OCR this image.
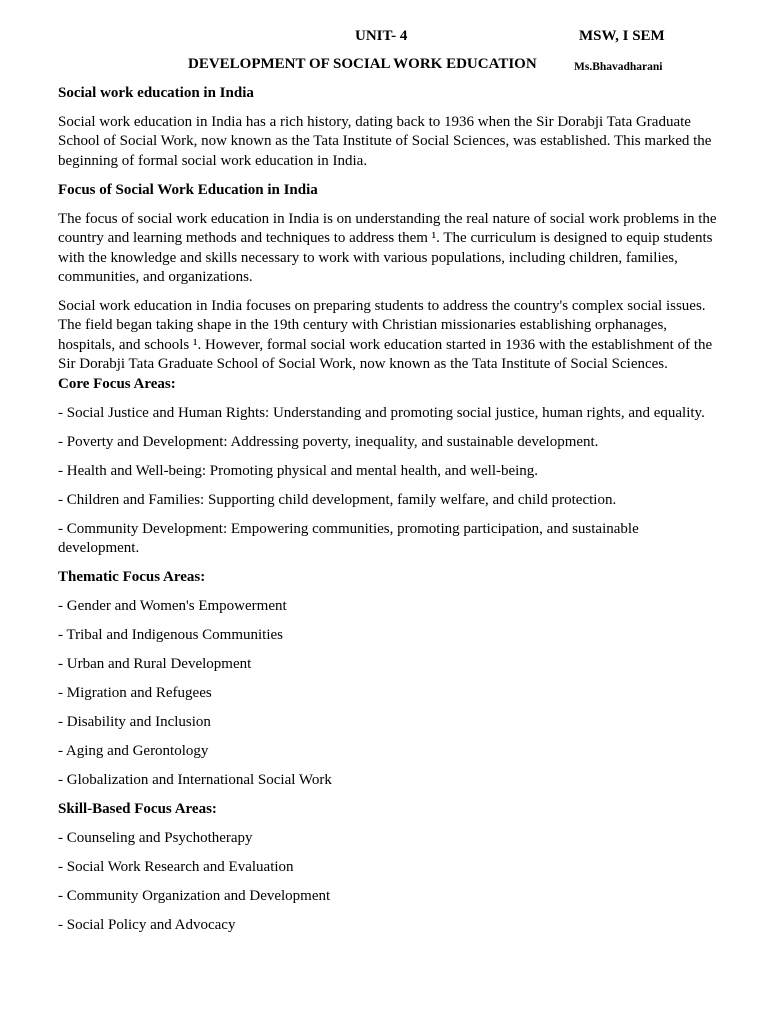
UNIT- 4	MSW, I SEM
DEVELOPMENT OF SOCIAL WORK EDUCATION	Ms.Bhavadharani
Social work education in India

Social work education in India has a rich history, dating back to 1936 when the Sir Dorabji Tata Graduate School of Social Work, now known as the Tata Institute of Social Sciences, was established. This marked the beginning of formal social work education in India.

Focus of Social Work Education in India

The focus of social work education in India is on understanding the real nature of social work problems in the country and learning methods and techniques to address them ¹. The curriculum is designed to equip students with the knowledge and skills necessary to work with various populations, including children, families, communities, and organizations.

Social work education in India focuses on preparing students to address the country's complex social issues. The field began taking shape in the 19th century with Christian missionaries establishing orphanages, hospitals, and schools ¹. However, formal social work education started in 1936 with the establishment of the Sir Dorabji Tata Graduate School of Social Work, now known as the Tata Institute of Social Sciences.

Core Focus Areas:
- Social Justice and Human Rights: Understanding and promoting social justice, human rights, and equality.
- Poverty and Development: Addressing poverty, inequality, and sustainable development.
- Health and Well-being: Promoting physical and mental health, and well-being.
- Children and Families: Supporting child development, family welfare, and child protection.
- Community Development: Empowering communities, promoting participation, and sustainable development.
Thematic Focus Areas:
- Gender and Women's Empowerment
- Tribal and Indigenous Communities
- Urban and Rural Development
- Migration and Refugees
- Disability and Inclusion
- Aging and Gerontology
- Globalization and International Social Work
Skill-Based Focus Areas:
- Counseling and Psychotherapy
- Social Work Research and Evaluation
- Community Organization and Development
- Social Policy and Advocacy
